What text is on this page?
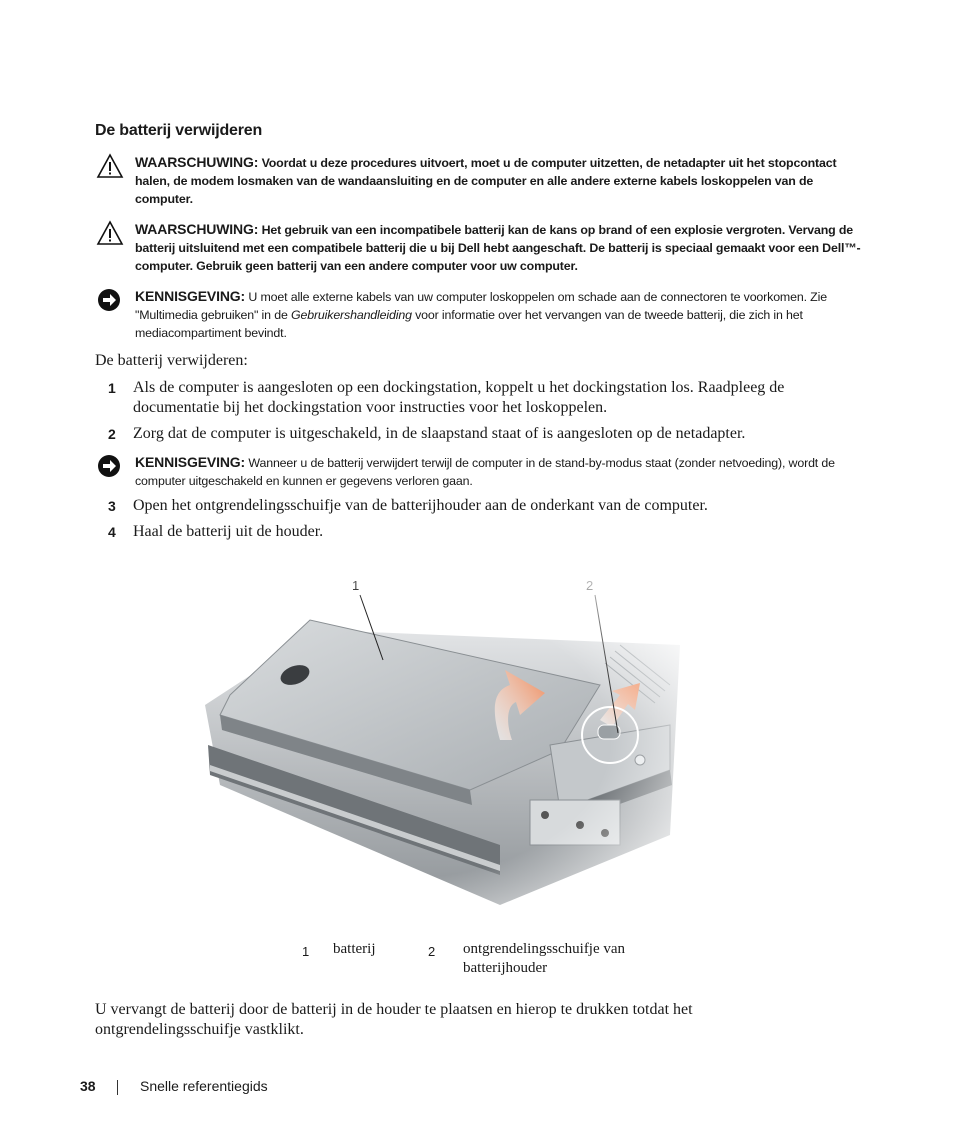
De batterij verwijderen
WAARSCHUWING: Voordat u deze procedures uitvoert, moet u de computer uitzetten, de netadapter uit het stopcontact halen, de modem losmaken van de wandaansluiting en de computer en alle andere externe kabels loskoppelen van de computer.
WAARSCHUWING: Het gebruik van een incompatibele batterij kan de kans op brand of een explosie vergroten. Vervang de batterij uitsluitend met een compatibele batterij die u bij Dell hebt aangeschaft. De batterij is speciaal gemaakt voor een Dell™-computer. Gebruik geen batterij van een andere computer voor uw computer.
KENNISGEVING: U moet alle externe kabels van uw computer loskoppelen om schade aan de connectoren te voorkomen. Zie "Multimedia gebruiken" in de Gebruikershandleiding voor informatie over het vervangen van de tweede batterij, die zich in het mediacompartiment bevindt.
De batterij verwijderen:
1 Als de computer is aangesloten op een dockingstation, koppelt u het dockingstation los. Raadpleeg de documentatie bij het dockingstation voor instructies voor het loskoppelen.
2 Zorg dat de computer is uitgeschakeld, in de slaapstand staat of is aangesloten op de netadapter.
KENNISGEVING: Wanneer u de batterij verwijdert terwijl de computer in de stand-by-modus staat (zonder netvoeding), wordt de computer uitgeschakeld en kunnen er gegevens verloren gaan.
3 Open het ontgrendelingsschuifje van de batterijhouder aan de onderkant van de computer.
4 Haal de batterij uit de houder.
1 batterij	2 ontgrendelingsschuifje van batterijhouder
U vervangt de batterij door de batterij in de houder te plaatsen en hierop te drukken totdat het ontgrendelingsschuifje vastklikt.
38	Snelle referentiegids
